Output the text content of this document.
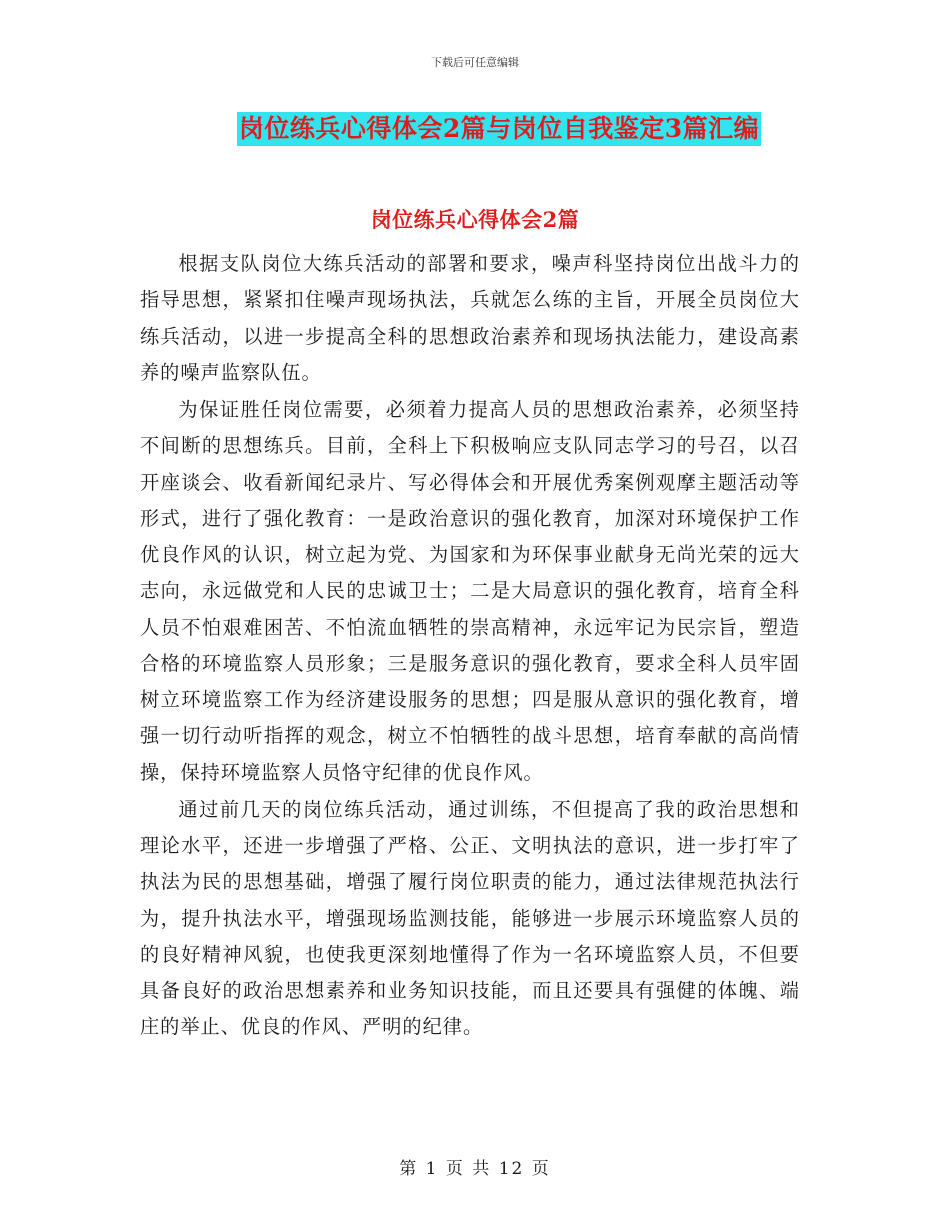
下载后可任意编辑
岗位练兵心得体会2篇与岗位自我鉴定3篇汇编
岗位练兵心得体会2篇

根据支队岗位大练兵活动的部署和要求，噪声科坚持岗位出战斗力的指导思想，紧紧扣住噪声现场执法，兵就怎么练的主旨，开展全员岗位大练兵活动，以进一步提高全科的思想政治素养和现场执法能力，建设高素养的噪声监察队伍。

为保证胜任岗位需要，必须着力提高人员的思想政治素养，必须坚持不间断的思想练兵。目前，全科上下积极响应支队同志学习的号召，以召开座谈会、收看新闻纪录片、写必得体会和开展优秀案例观摩主题活动等形式，进行了强化教育：一是政治意识的强化教育，加深对环境保护工作优良作风的认识，树立起为党、为国家和为环保事业献身无尚光荣的远大志向，永远做党和人民的忠诚卫士；二是大局意识的强化教育，培育全科人员不怕艰难困苦、不怕流血牺牲的崇高精神，永远牢记为民宗旨，塑造合格的环境监察人员形象；三是服务意识的强化教育，要求全科人员牢固树立环境监察工作为经济建设服务的思想；四是服从意识的强化教育，增强一切行动听指挥的观念，树立不怕牺牲的战斗思想，培育奉献的高尚情操，保持环境监察人员恪守纪律的优良作风。

通过前几天的岗位练兵活动，通过训练，不但提高了我的政治思想和理论水平，还进一步增强了严格、公正、文明执法的意识，进一步打牢了执法为民的思想基础，增强了履行岗位职责的能力，通过法律规范执法行为，提升执法水平，增强现场监测技能，能够进一步展示环境监察人员的的良好精神风貌，也使我更深刻地懂得了作为一名环境监察人员，不但要具备良好的政治思想素养和业务知识技能，而且还要具有强健的体魄、端庄的举止、优良的作风、严明的纪律。

第 1 页 共 12 页
